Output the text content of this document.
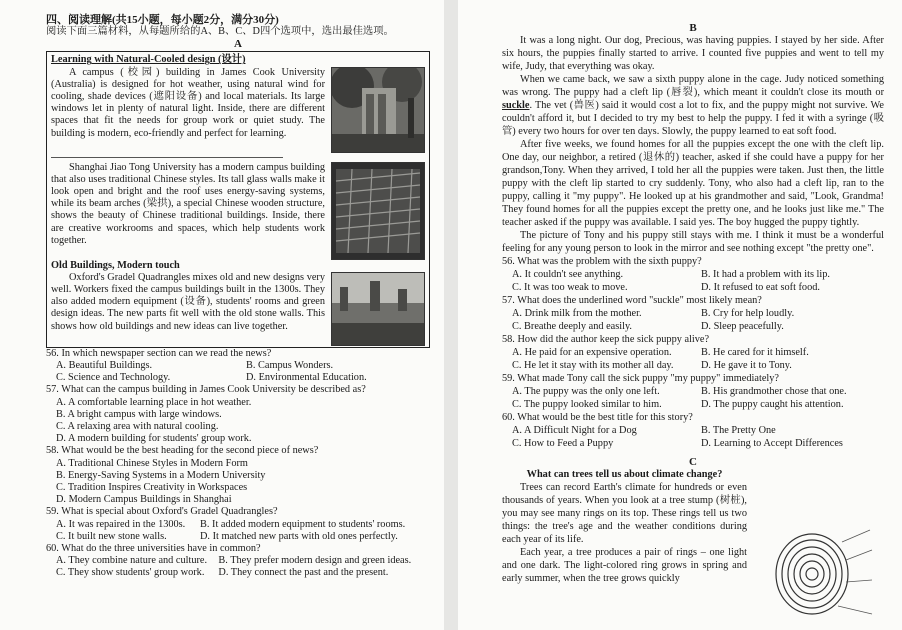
四、阅读理解(共15小题，每小题2分，满分30分)

阅读下面三篇材料，从每题所给的A、B、C、D四个选项中，选出最佳选项。

A

Learning with Natural-Cooled design (设计)

A campus (校园) building in James Cook University (Australia) is designed for hot weather, using natural wind for cooling, shade devices (遮阳设备) and local materials. Its large windows let in plenty of natural light. Inside, there are different spaces that fit the needs for group work or quiet study. The building is modern, eco-friendly and perfect for learning.

Shanghai Jiao Tong University has a modern campus building that also uses traditional Chinese styles. Its tall glass walls make it look open and bright and the roof uses energy-saving systems, while its beam arches (梁拱), a special Chinese wooden structure, shows the beauty of Chinese traditional buildings. Inside, there are creative workrooms and spaces, which help students work together.

Old Buildings, Modern touch

Oxford's Gradel Quadrangles mixes old and new designs very well. Workers fixed the campus buildings built in the 1300s. They also added modern equipment (设备), students' rooms and green design ideas. The new parts fit well with the old stone walls. This shows how old buildings and new ideas can live together.

56. In which newspaper section can we read the news?

A. Beautiful Buildings.	B. Campus Wonders.
C. Science and Technology.	D. Environmental Education.

57. What can the campus building in James Cook University be described as?

A. A comfortable learning place in hot weather.

B. A bright campus with large windows.

C. A relaxing area with natural cooling.

D. A modern building for students' group work.

58. What would be the best heading for the second piece of news?

A. Traditional Chinese Styles in Modern Form

B. Energy-Saving Systems in a Modern University

C. Tradition Inspires Creativity in Workspaces

D. Modern Campus Buildings in Shanghai

59. What is special about Oxford's Gradel Quadrangles?

A. It was repaired in the 1300s.	B. It added modern equipment to students' rooms.
C. It built new stone walls.	D. It matched new parts with old ones perfectly.

60. What do the three universities have in common?

A. They combine nature and culture.	B. They prefer modern design and green ideas.
C. They show students' group work.	D. They connect the past and the present.

B

It was a long night. Our dog, Precious, was having puppies. I stayed by her side. After six hours, the puppies finally started to arrive. I counted five puppies and went to tell my wife, Judy, that everything was okay.

When we came back, we saw a sixth puppy alone in the cage. Judy noticed something was wrong. The puppy had a cleft lip (唇裂), which meant it couldn't close its mouth or suckle. The vet (兽医) said it would cost a lot to fix, and the puppy might not survive. We couldn't afford it, but I decided to try my best to help the puppy. I fed it with a syringe (吸管) every two hours for over ten days. Slowly, the puppy learned to eat soft food.

After five weeks, we found homes for all the puppies except the one with the cleft lip. One day, our neighbor, a retired (退休的) teacher, asked if she could have a puppy for her grandson,Tony. When they arrived, I told her all the puppies were taken. Just then, the little puppy with the cleft lip started to cry suddenly. Tony, who also had a cleft lip, ran to the puppy, calling it "my puppy". He looked up at his grandmother and said, "Look, Grandma! They found homes for all the puppies except the pretty one, and he looks just like me." The teacher asked if the puppy was available. I said yes. The boy hugged the puppy tightly.

The picture of Tony and his puppy still stays with me. I think it must be a wonderful feeling for any young person to look in the mirror and see nothing except "the pretty one".

56. What was the problem with the sixth puppy?

A. It couldn't see anything.	B. It had a problem with its lip.
C. It was too weak to move.	D. It refused to eat soft food.

57. What does the underlined word "suckle" most likely mean?

A. Drink milk from the mother.	B. Cry for help loudly.
C. Breathe deeply and easily.	D. Sleep peacefully.

58. How did the author keep the sick puppy alive?

A. He paid for an expensive operation.	B. He cared for it himself.
C. He let it stay with its mother all day.	D. He gave it to Tony.

59. What made Tony call the sick puppy "my puppy" immediately?

A. The puppy was the only one left.	B. His grandmother chose that one.
C. The puppy looked similar to him.	D. The puppy caught his attention.

60. What would be the best title for this story?

A. A Difficult Night for a Dog	B. The Pretty One
C. How to Feed a Puppy	D. Learning to Accept Differences

C

What can trees tell us about climate change?

Trees can record Earth's climate for hundreds or even thousands of years. When you look at a tree stump (树桩), you may see many rings on its top. These rings tell us two things: the tree's age and the weather conditions during each year of its life.

Each year, a tree produces a pair of rings – one light and one dark. The light-colored ring grows in spring and early summer, when the tree grows quickly
